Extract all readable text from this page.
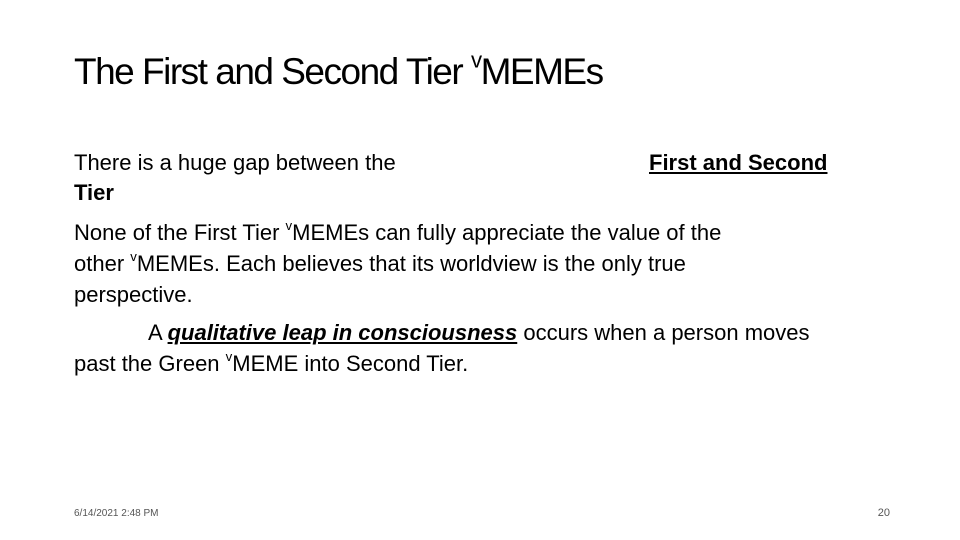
The First and Second Tier $^v$MEMEs
There is a huge gap between the	First and Second
Tier
None of the First Tier $^v$MEMEs can fully appreciate the value of the
other $^v$MEMEs. Each believes that its worldview is the only true
perspective.
A qualitative leap in consciousness occurs when a person moves
past the Green $^v$MEME into Second Tier.
6/14/2021 2:48 PM	20
